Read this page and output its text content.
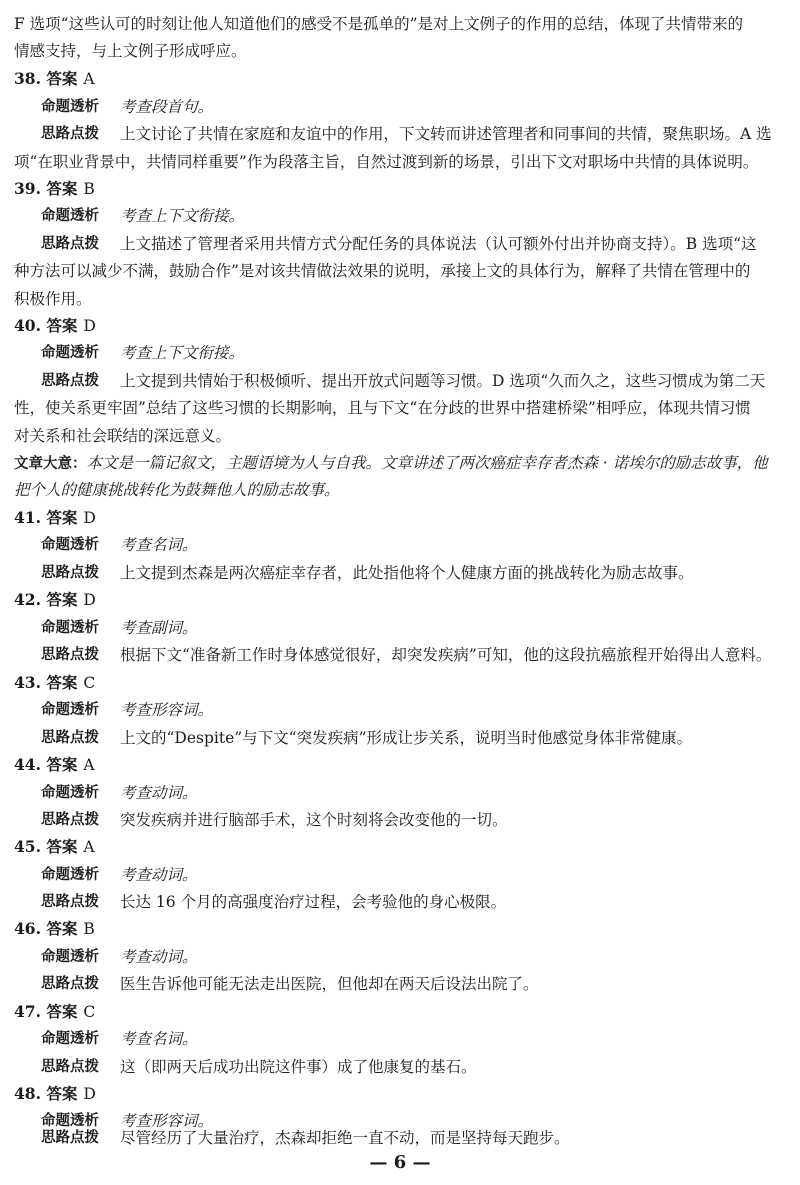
F 选项“这些认可的时刻让他人知道他们的感受不是孤单的”是对上文例子的作用的总结，体现了共情带来的
情感支持，与上文例子形成呼应。
38. 答案 A
命题透析 考查段首句。
思路点拨 上文讨论了共情在家庭和友谊中的作用，下文转而讲述管理者和同事间的共情，聚焦职场。A 选
项“在职业背景中，共情同样重要”作为段落主旨，自然过渡到新的场景，引出下文对职场中共情的具体说明。
39. 答案 B
命题透析 考查上下文衔接。
思路点拨 上文描述了管理者采用共情方式分配任务的具体说法（认可额外付出并协商支持）。B 选项“这
种方法可以减少不满，鼓励合作”是对该共情做法效果的说明，承接上文的具体行为，解释了共情在管理中的
积极作用。
40. 答案 D
命题透析 考查上下文衔接。
思路点拨 上文提到共情始于积极倾听、提出开放式问题等习惯。D 选项“久而久之，这些习惯成为第二天
性，使关系更牢固”总结了这些习惯的长期影响，且与下文“在分歧的世界中搭建桥梁”相呼应，体现共情习惯
对关系和社会联结的深远意义。
文章大意：本文是一篇记叙文，主题语境为人与自我。文章讲述了两次癌症幸存者杰森 · 诺埃尔的励志故事，他
把个人的健康挑战转化为鼓舞他人的励志故事。
41. 答案 D
命题透析 考查名词。
思路点拨 上文提到杰森是两次癌症幸存者，此处指他将个人健康方面的挑战转化为励志故事。
42. 答案 D
命题透析 考查副词。
思路点拨 根据下文“准备新工作时身体感觉很好，却突发疾病”可知，他的这段抗癌旅程开始得出人意料。
43. 答案 C
命题透析 考查形容词。
思路点拨 上文的“Despite”与下文“突发疾病”形成让步关系，说明当时他感觉身体非常健康。
44. 答案 A
命题透析 考查动词。
思路点拨 突发疾病并进行脑部手术，这个时刻将会改变他的一切。
45. 答案 A
命题透析 考查动词。
思路点拨 长达 16 个月的高强度治疗过程，会考验他的身心极限。
46. 答案 B
命题透析 考查动词。
思路点拨 医生告诉他可能无法走出医院，但他却在两天后设法出院了。
47. 答案 C
命题透析 考查名词。
思路点拨 这（即两天后成功出院这件事）成了他康复的基石。
48. 答案 D
命题透析 考查形容词。
思路点拨 尽管经历了大量治疗，杰森却拒绝一直不动，而是坚持每天跑步。
— 6 —
